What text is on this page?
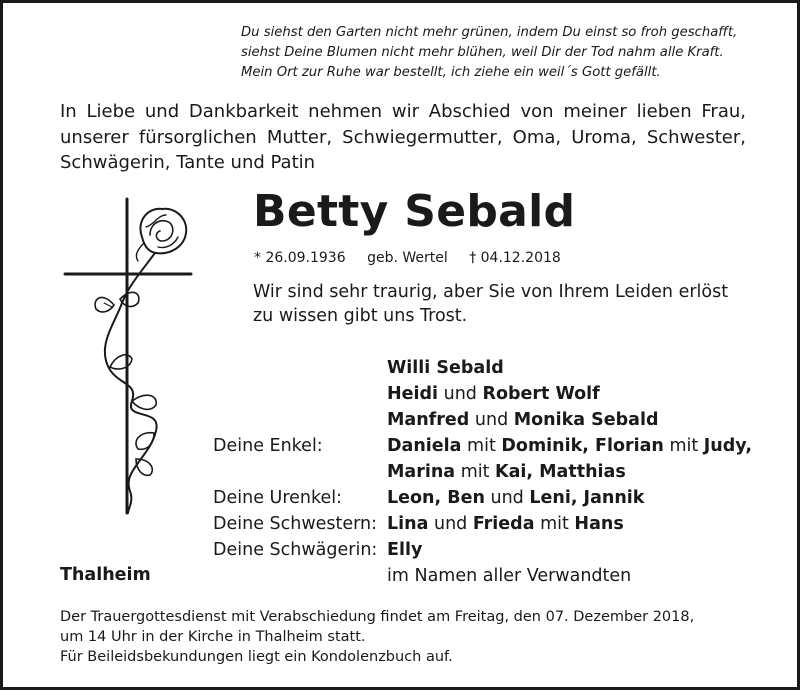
Du siehst den Garten nicht mehr grünen, indem Du einst so froh geschafft,
siehst Deine Blumen nicht mehr blühen, weil Dir der Tod nahm alle Kraft.
Mein Ort zur Ruhe war bestellt, ich ziehe ein weil´s Gott gefällt.
In Liebe und Dankbarkeit nehmen wir Abschied von meiner lieben Frau, unserer fürsorglichen Mutter, Schwiegermutter, Oma, Uroma, Schwester, Schwägerin, Tante und Patin
Betty Sebald
* 26.09.1936 geb. Wertel † 04.12.2018
Wir sind sehr traurig, aber Sie von Ihrem Leiden erlöst
zu wissen gibt uns Trost.
Willi Sebald
Heidi und Robert Wolf
Manfred und Monika Sebald
Deine Enkel:	Daniela mit Dominik, Florian mit Judy,
Marina mit Kai, Matthias
Deine Urenkel:	Leon, Ben und Leni, Jannik
Deine Schwestern: Lina und Frieda mit Hans
Deine Schwägerin: Elly
im Namen aller Verwandten
Thalheim
Der Trauergottesdienst mit Verabschiedung findet am Freitag, den 07. Dezember 2018,
um 14 Uhr in der Kirche in Thalheim statt.
Für Beileidsbekundungen liegt ein Kondolenzbuch auf.
